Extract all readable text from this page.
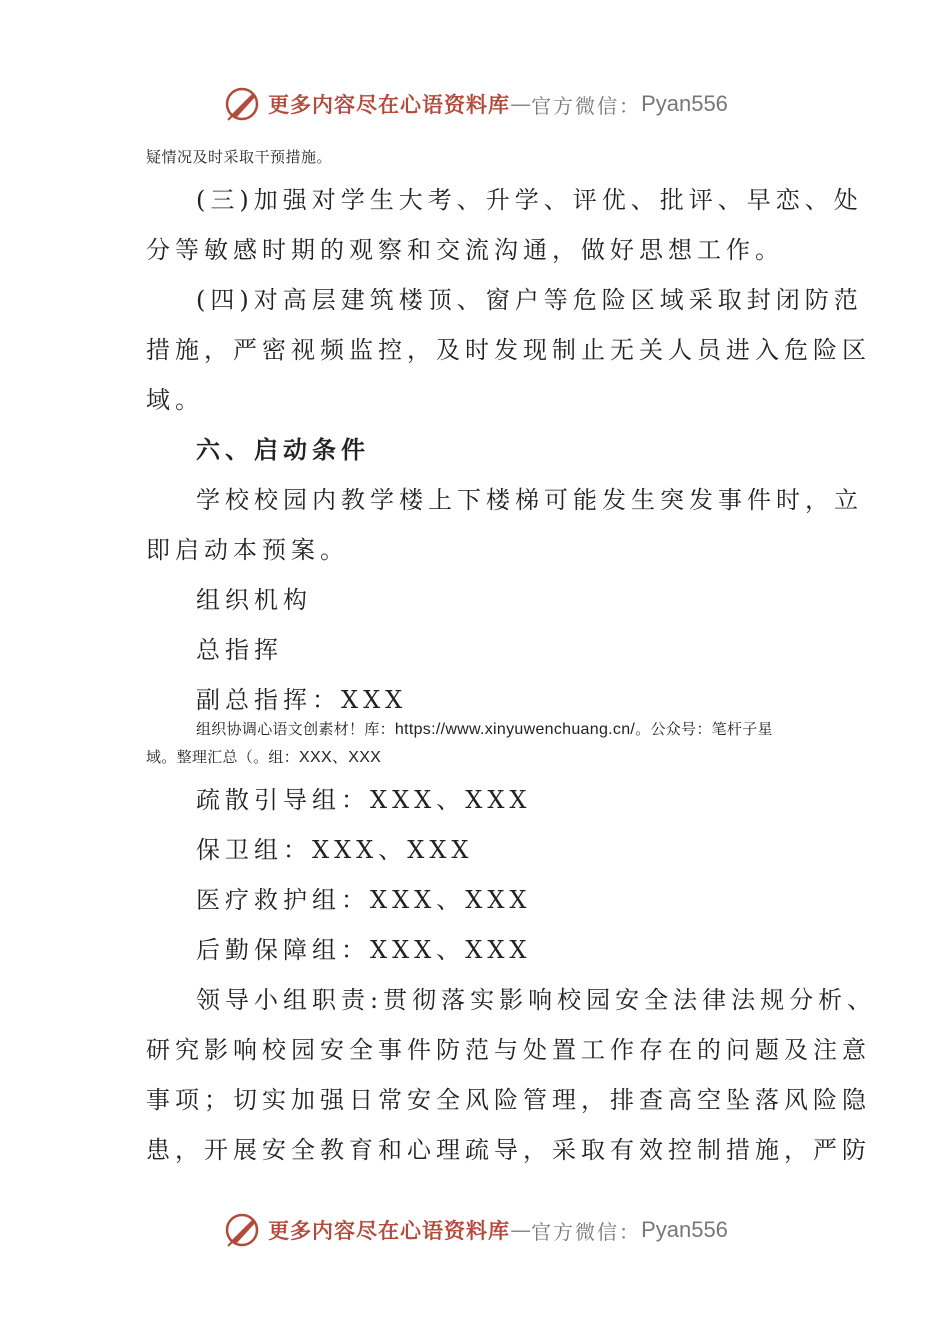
更多内容尽在心语资料库 — 官方微信： Pyan556
疑情况及时采取干预措施。
(三)加强对学生大考、升学、评优、批评、早恋、处
分等敏感时期的观察和交流沟通，做好思想工作。
(四)对高层建筑楼顶、窗户等危险区域采取封闭防范
措施，严密视频监控，及时发现制止无关人员进入危险区
域。
六、启动条件
学校校园内教学楼上下楼梯可能发生突发事件时，立
即启动本预案。
组织机构
总指挥
副总指挥：XXX
组织协调心语文创素材！库：https://www.xinyuwenchuang.cn/。公众号：笔杆子星
域。整理汇总（。组：XXX、XXX
疏散引导组：XXX、XXX
保卫组：XXX、XXX
医疗救护组：XXX、XXX
后勤保障组：XXX、XXX
领导小组职责:贯彻落实影响校园安全法律法规分析、
研究影响校园安全事件防范与处置工作存在的问题及注意
事项；切实加强日常安全风险管理，排查高空坠落风险隐
患，开展安全教育和心理疏导，采取有效控制措施，严防
更多内容尽在心语资料库 — 官方微信： Pyan556
